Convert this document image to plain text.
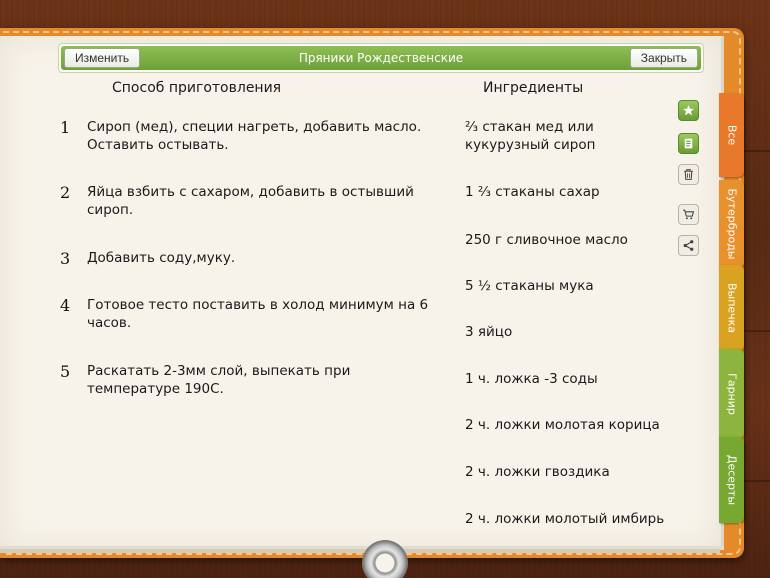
Пряники Рождественские
Изменить	Закрыть
Способ приготовления	Ингредиенты
1	Сироп (мед), специи нагреть, добавить масло. Оставить остывать.
2	Яйца взбить с сахаром, добавить в остывший сироп.
3	Добавить соду,муку.
4	Готовое тесто поставить в холод минимум на 6 часов.
5	Раскатать 2-3мм слой, выпекать при температуре 190С.
⅔ стакан мед или кукурузный сироп
1 ⅔ стаканы сахар
250 г сливочное масло
5 ½ стаканы мука
3 яйцо
1 ч. ложка -3 соды
2 ч. ложки молотая корица
2 ч. ложки гвоздика
2 ч. ложки молотый имбирь
Все
Бутерброды
Выпечка
Гарнир
Десерты
